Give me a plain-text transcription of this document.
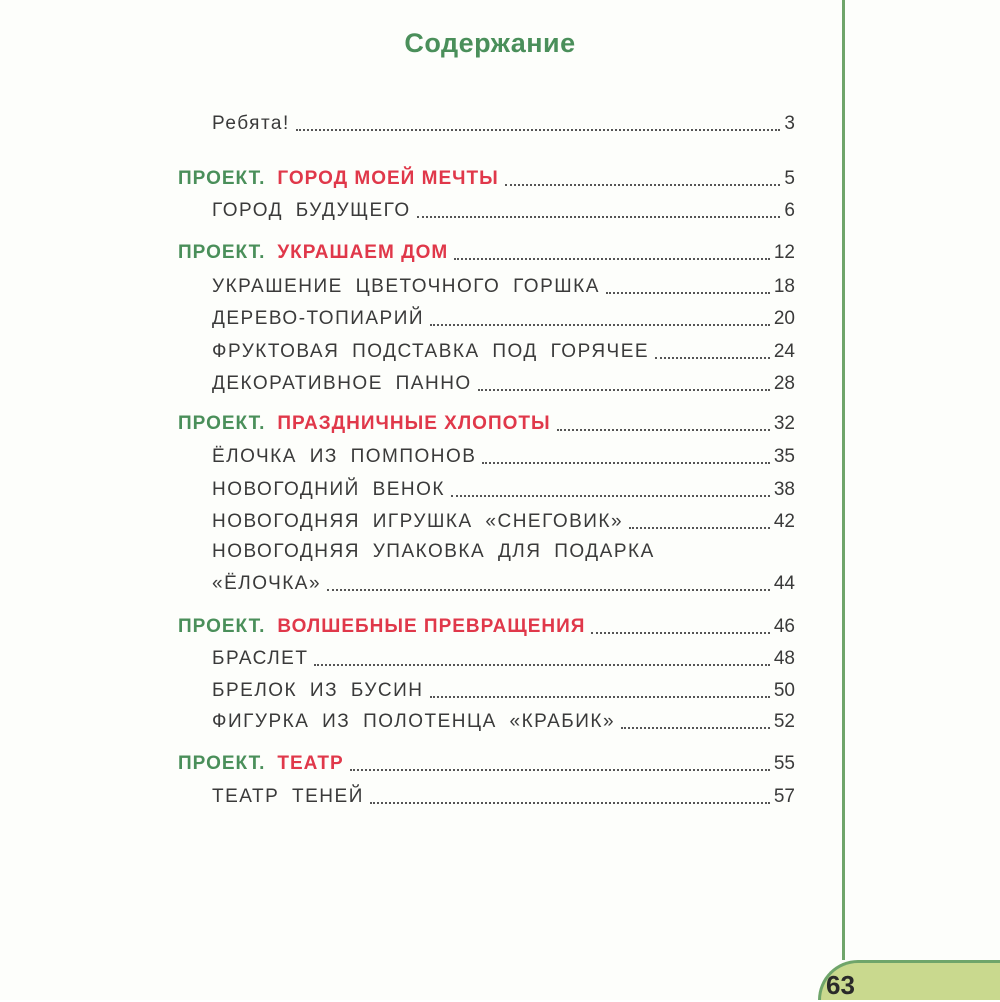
Содержание
Ребята!	3
ПРОЕКТ. ГОРОД МОЕЙ МЕЧТЫ	5
ГОРОД БУДУЩЕГО	6
ПРОЕКТ. УКРАШАЕМ ДОМ	12
УКРАШЕНИЕ ЦВЕТОЧНОГО ГОРШКА	18
ДЕРЕВО-ТОПИАРИЙ	20
ФРУКТОВАЯ ПОДСТАВКА ПОД ГОРЯЧЕЕ	24
ДЕКОРАТИВНОЕ ПАННО	28
ПРОЕКТ. ПРАЗДНИЧНЫЕ ХЛОПОТЫ	32
ЁЛОЧКА ИЗ ПОМПОНОВ	35
НОВОГОДНИЙ ВЕНОК	38
НОВОГОДНЯЯ ИГРУШКА «СНЕГОВИК»	42
НОВОГОДНЯЯ УПАКОВКА ДЛЯ ПОДАРКА
«ЁЛОЧКА»	44
ПРОЕКТ. ВОЛШЕБНЫЕ ПРЕВРАЩЕНИЯ	46
БРАСЛЕТ	48
БРЕЛОК ИЗ БУСИН	50
ФИГУРКА ИЗ ПОЛОТЕНЦА «КРАБИК»	52
ПРОЕКТ. ТЕАТР	55
ТЕАТР ТЕНЕЙ	57
63
